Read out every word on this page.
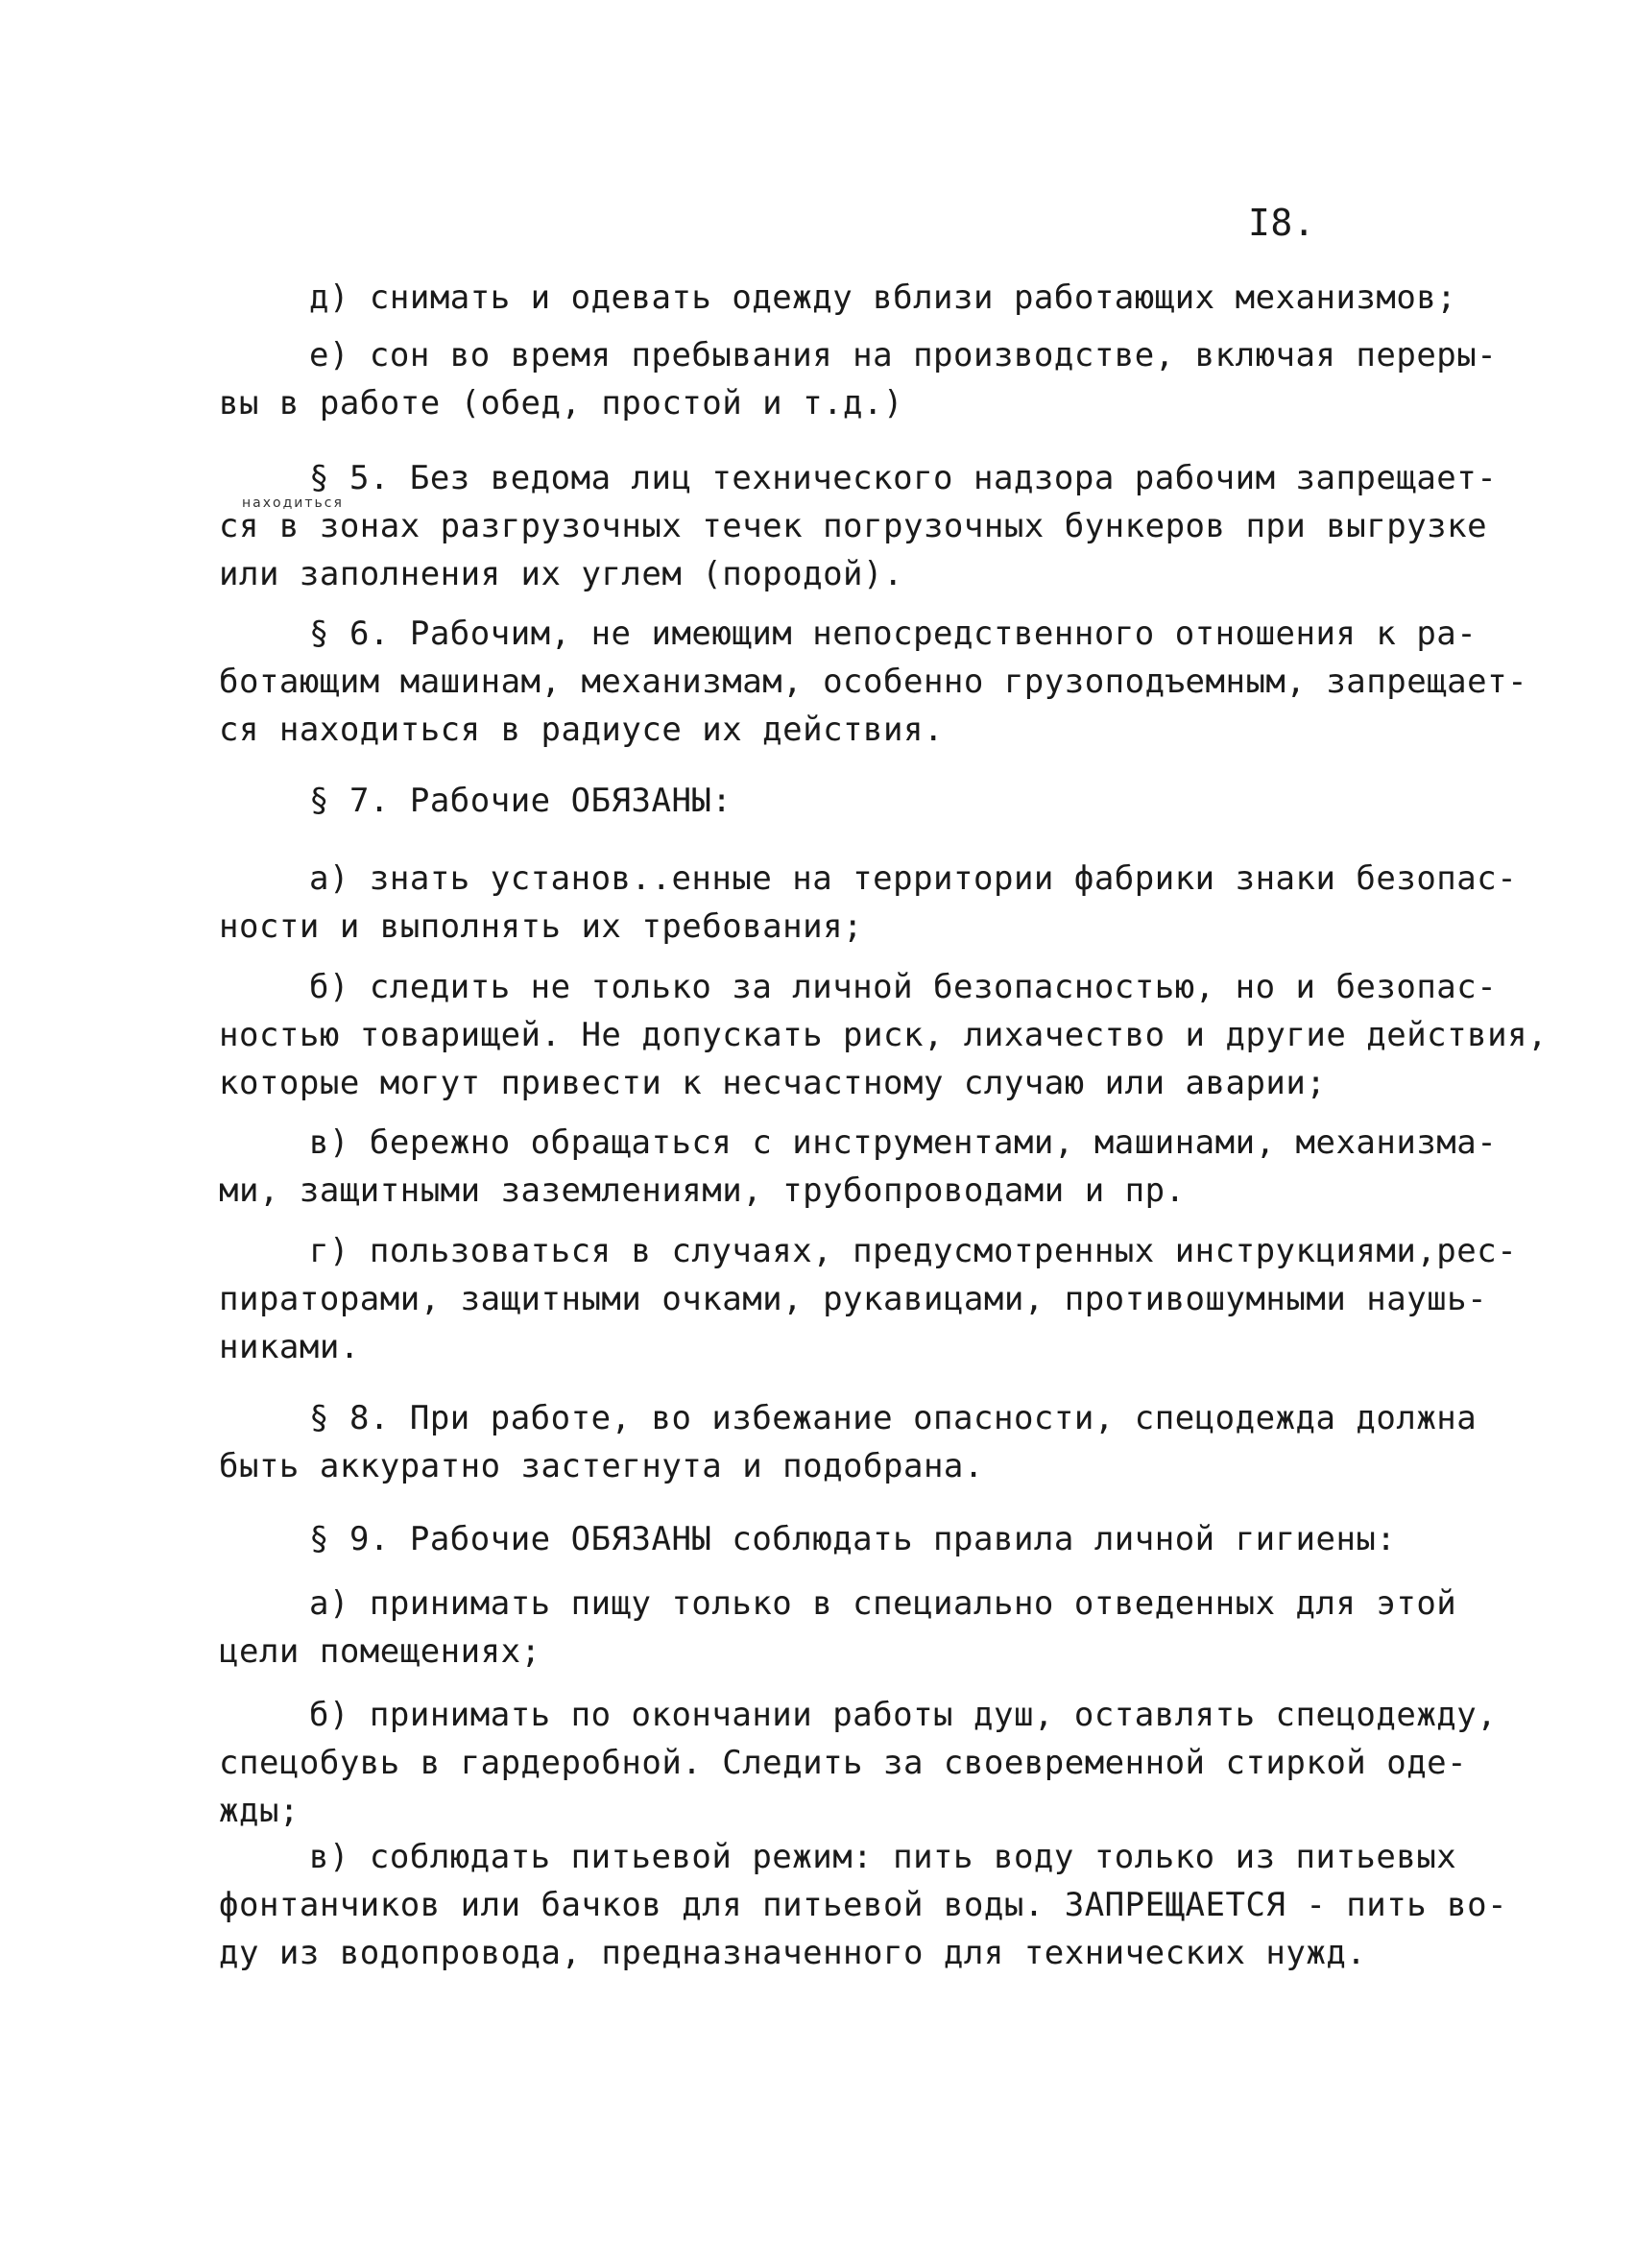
I8.
д) снимать и одевать одежду вблизи работающих механизмов;
е) сон во время пребывания на производстве, включая переры-
вы в работе (обед, простой и т.д.)
находиться
§ 5. Без ведома лиц технического надзора рабочим запрещает-
ся в зонах разгрузочных течек погрузочных бункеров при выгрузке
или заполнения их углем (породой).
§ 6. Рабочим, не имеющим непосредственного отношения к ра-
ботающим машинам, механизмам, особенно грузоподъемным, запрещает-
ся находиться в радиусе их действия.
§ 7. Рабочие ОБЯЗАНЫ:
а) знать установ..енные на территории фабрики знаки безопас-
ности и выполнять их требования;
б) следить не только за личной безопасностью, но и безопас-
ностью товарищей. Не допускать риск, лихачество и другие действия,
которые могут привести к несчастному случаю или аварии;
в) бережно обращаться с инструментами, машинами, механизма-
ми, защитными заземлениями, трубопроводами и пр.
г) пользоваться в случаях, предусмотренных инструкциями,рес-
пираторами, защитными очками, рукавицами, противошумными наушь-
никами.
§ 8. При работе, во избежание опасности, спецодежда должна
быть аккуратно застегнута и подобрана.
§ 9. Рабочие ОБЯЗАНЫ соблюдать правила личной гигиены:
а) принимать пищу только в специально отведенных для этой
цели помещениях;
б) принимать по окончании работы душ, оставлять спецодежду,
спецобувь в гардеробной. Следить за своевременной стиркой оде-
жды;
в) соблюдать питьевой режим: пить воду только из питьевых
фонтанчиков или бачков для питьевой воды. ЗАПРЕЩАЕТСЯ - пить во-
ду из водопровода, предназначенного для технических нужд.
